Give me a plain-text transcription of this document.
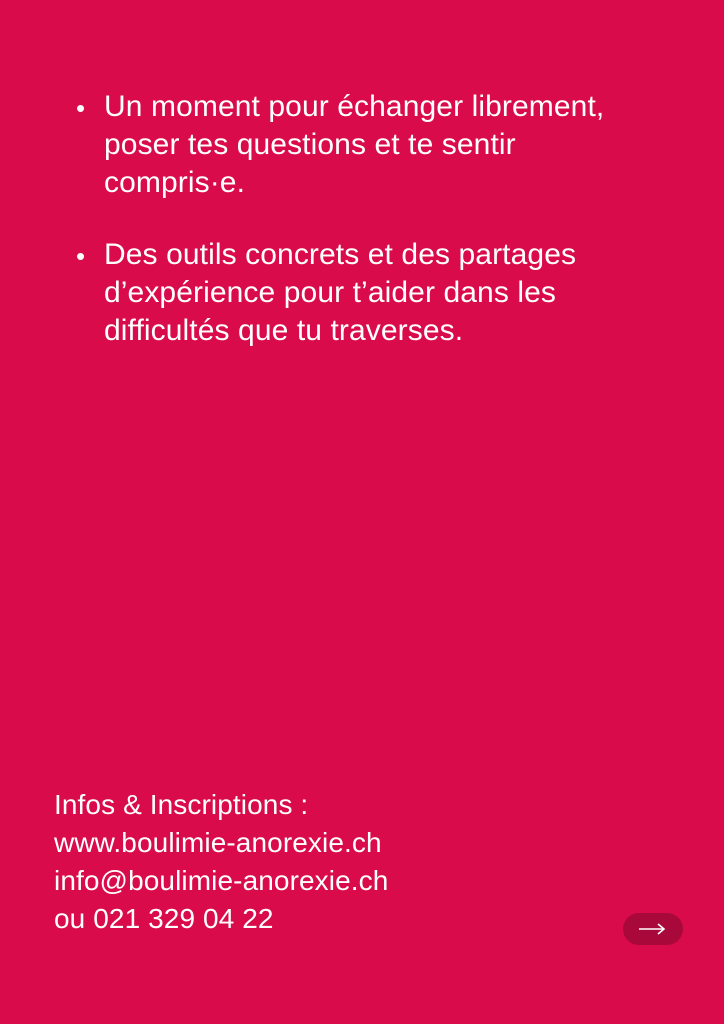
• Un moment pour échanger librement, poser tes questions et te sentir compris·e.
• Des outils concrets et des partages d’expérience pour t’aider dans les difficultés que tu traverses.
Infos & Inscriptions :
www.boulimie-anorexie.ch
info@boulimie-anorexie.ch
ou 021 329 04 22
